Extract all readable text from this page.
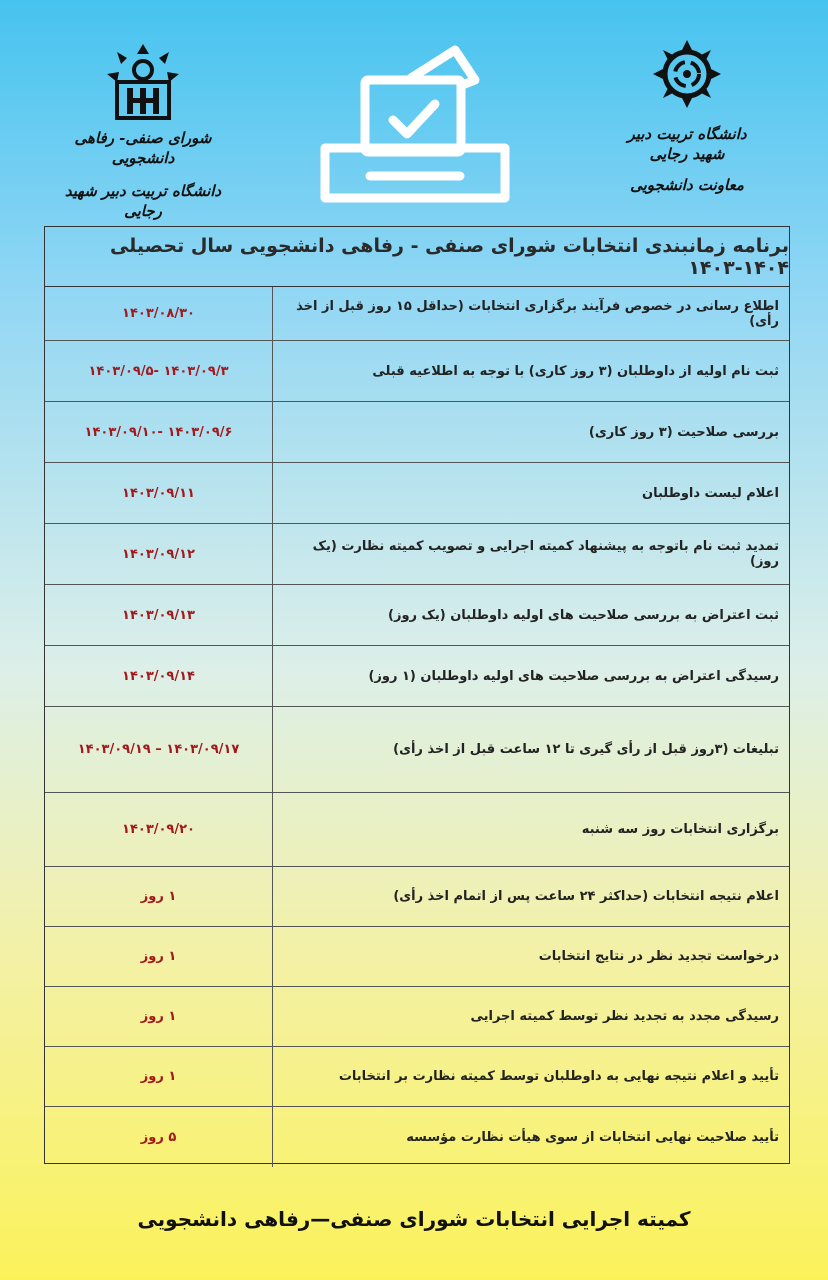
دانشگاه تربیت دبیر شهید رجایی
معاونت دانشجویی
شورای صنفی- رفاهی دانشجویی
دانشگاه تربیت دبیر شهید رجایی
برنامه زمانبندی انتخابات شورای صنفی - رفاهی دانشجویی سال تحصیلی ۱۴۰۴-۱۴۰۳
اطلاع رسانی در خصوص فرآیند برگزاری انتخابات (حداقل ۱۵ روز قبل از اخذ رأی)
۱۴۰۳/۰۸/۳۰
ثبت نام اولیه از داوطلبان (۳ روز کاری) با توجه به اطلاعیه قبلی
۱۴۰۳/۰۹/۳ -۱۴۰۳/۰۹/۵
بررسی صلاحیت (۳ روز کاری)
۱۴۰۳/۰۹/۶ -۱۴۰۳/۰۹/۱۰
اعلام لیست داوطلبان
۱۴۰۳/۰۹/۱۱
تمدید ثبت نام باتوجه به پیشنهاد کمیته اجرایی و تصویب کمیته نظارت (یک روز)
۱۴۰۳/۰۹/۱۲
ثبت اعتراض به بررسی صلاحیت های اولیه داوطلبان (یک روز)
۱۴۰۳/۰۹/۱۳
رسیدگی اعتراض به بررسی صلاحیت های اولیه داوطلبان (۱ روز)
۱۴۰۳/۰۹/۱۴
تبلیغات (۳روز قبل از رأی گیری تا ۱۲ ساعت قبل از اخذ رأی)
۱۴۰۳/۰۹/۱۷ – ۱۴۰۳/۰۹/۱۹
برگزاری انتخابات روز سه شنبه
۱۴۰۳/۰۹/۲۰
اعلام نتیجه انتخابات (حداکثر ۲۴ ساعت پس از اتمام اخذ رأی)
۱ روز
درخواست تجدید نظر در نتایج انتخابات
۱ روز
رسیدگی مجدد به تجدید نظر توسط کمیته اجرایی
۱ روز
تأیید و اعلام نتیجه نهایی به داوطلبان توسط کمیته نظارت بر انتخابات
۱ روز
تأیید صلاحیت نهایی انتخابات از سوی هیأت نظارت مؤسسه
۵ روز
کمیته اجرایی انتخابات شورای صنفی—رفاهی دانشجویی
